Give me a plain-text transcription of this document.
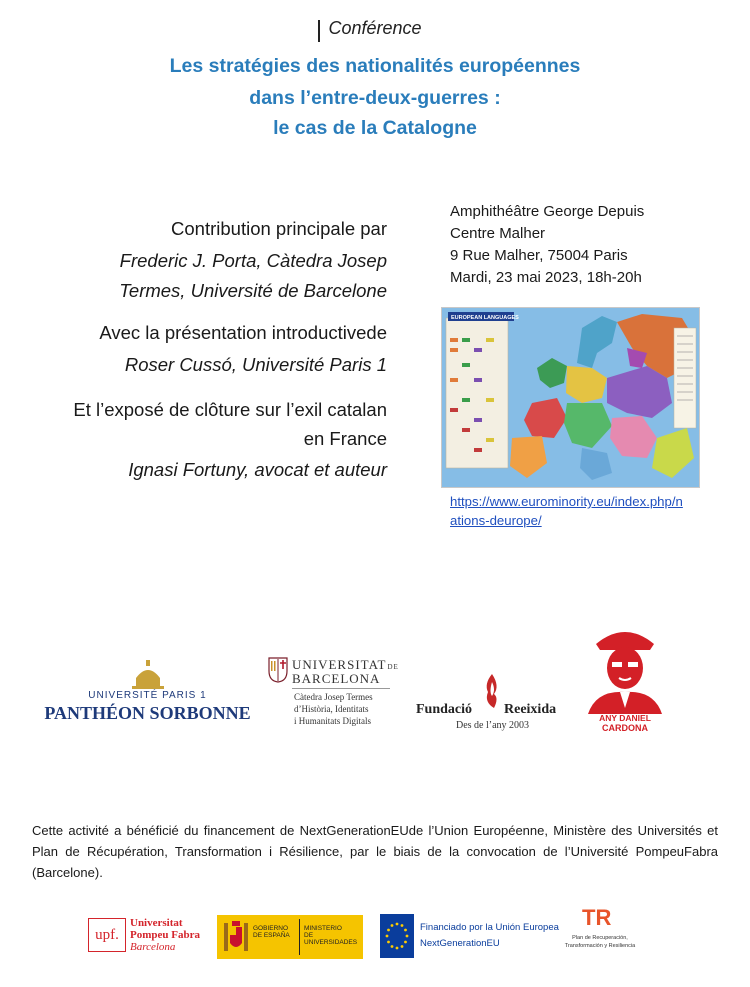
Conférence
Les stratégies des nationalités européennes
dans l’entre-deux-guerres :
le cas de la Catalogne
Contribution principale par
Frederic J. Porta, Càtedra Josep
Termes, Université de Barcelone
Avec la présentation introductivede
Roser Cussó, Université Paris 1
Et l’exposé de clôture sur l’exil catalan
en France
Ignasi Fortuny, avocat et auteur
Amphithéâtre George Depuis
Centre Malher
9 Rue Malher, 75004 Paris
Mardi, 23 mai 2023, 18h-20h
EUROPEAN LANGUAGES
https://www.eurominority.eu/index.php/n
ations-deurope/
UNIVERSITÉ PARIS 1
PANTHÉON SORBONNE
UNIVERSITATDE
BARCELONA
Càtedra Josep Termes
d’Història, Identitats
i Humanitats Digitals
Fundació Reeixida
Des de l’any 2003
ANY DANIEL
CARDONA
Cette activité a bénéficié du financement de NextGenerationEUde l’Union Européenne, Ministère des Universités et Plan de Récupération, Transformation i Résilience, par le biais de la convocation de l’Université PompeuFabra (Barcelone).
upf.
Universitat
Pompeu Fabra
Barcelona
GOBIERNO
DE ESPAÑA
MINISTERIO
DE UNIVERSIDADES
Financiado por la Unión Europea
NextGenerationEU
TR
Plan de Recuperación,
Transformación y Resiliencia
